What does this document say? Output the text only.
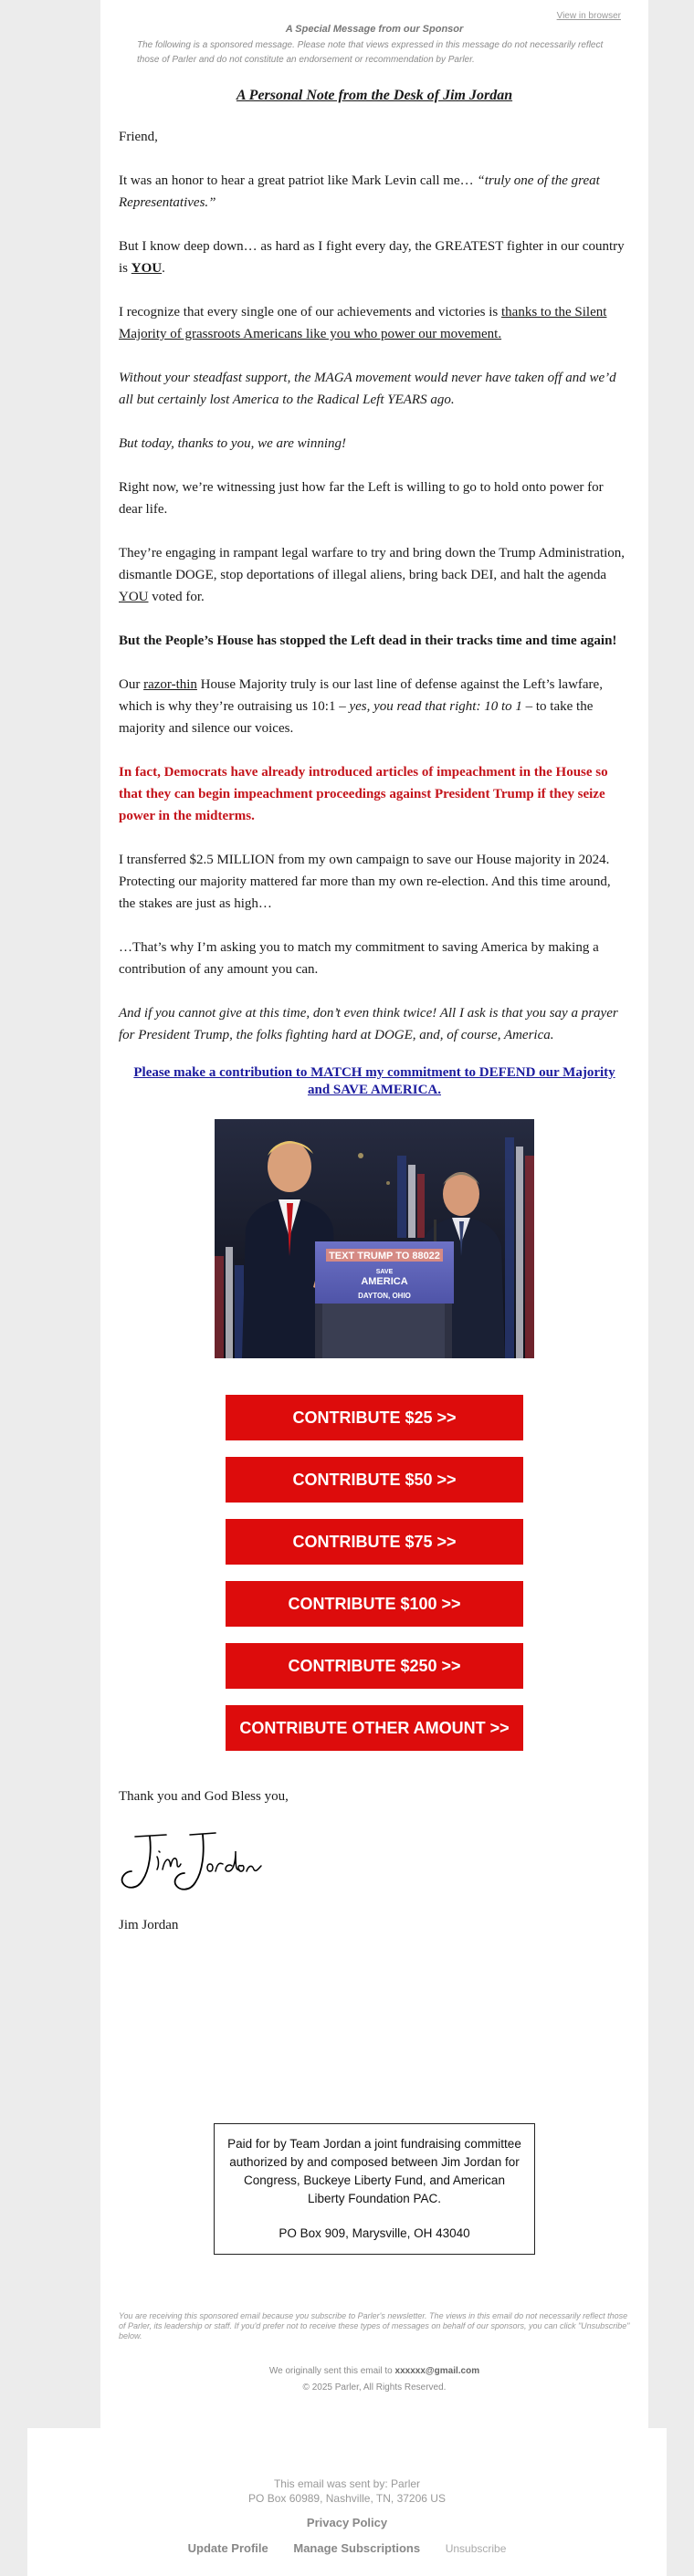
View in browser
A Special Message from our Sponsor
The following is a sponsored message. Please note that views expressed in this message do not necessarily reflect those of Parler and do not constitute an endorsement or recommendation by Parler.
A Personal Note from the Desk of Jim Jordan

Friend,

It was an honor to hear a great patriot like Mark Levin call me… “truly one of the great Representatives.”

But I know deep down… as hard as I fight every day, the GREATEST fighter in our country is YOU.

I recognize that every single one of our achievements and victories is thanks to the Silent Majority of grassroots Americans like you who power our movement.

Without your steadfast support, the MAGA movement would never have taken off and we’d all but certainly lost America to the Radical Left YEARS ago.

But today, thanks to you, we are winning!

Right now, we’re witnessing just how far the Left is willing to go to hold onto power for dear life.

They’re engaging in rampant legal warfare to try and bring down the Trump Administration, dismantle DOGE, stop deportations of illegal aliens, bring back DEI, and halt the agenda YOU voted for.

But the People’s House has stopped the Left dead in their tracks time and time again!

Our razor-thin House Majority truly is our last line of defense against the Left’s lawfare, which is why they’re outraising us 10:1 – yes, you read that right: 10 to 1 – to take the majority and silence our voices.

In fact, Democrats have already introduced articles of impeachment in the House so that they can begin impeachment proceedings against President Trump if they seize power in the midterms.

I transferred $2.5 MILLION from my own campaign to save our House majority in 2024. Protecting our majority mattered far more than my own re-election. And this time around, the stakes are just as high…

…That’s why I’m asking you to match my commitment to saving America by making a contribution of any amount you can.

And if you cannot give at this time, don’t even think twice! All I ask is that you say a prayer for President Trump, the folks fighting hard at DOGE, and, of course, America.

Please make a contribution to MATCH my commitment to DEFEND our Majority and SAVE AMERICA.
TEXT TRUMP TO 88022
SAVE
AMERICA
DAYTON, OHIO
CONTRIBUTE $25 >>
CONTRIBUTE $50 >>
CONTRIBUTE $75 >>
CONTRIBUTE $100 >>
CONTRIBUTE $250 >>
CONTRIBUTE OTHER AMOUNT >>

Thank you and God Bless you,

Jim Jordan

Paid for by Team Jordan a joint fundraising committee authorized by and composed between Jim Jordan for Congress, Buckeye Liberty Fund, and American Liberty Foundation PAC.
PO Box 909, Marysville, OH 43040
You are receiving this sponsored email because you subscribe to Parler's newsletter. The views in this email do not necessarily reflect those of Parler, its leadership or staff. If you'd prefer not to receive these types of messages on behalf of our sponsors, you can click "Unsubscribe" below.
We originally sent this email to xxxxxx@gmail.com
© 2025 Parler, All Rights Reserved.
This email was sent by: Parler
PO Box 60989, Nashville, TN, 37206 US
Privacy Policy
Update Profile Manage Subscriptions Unsubscribe
